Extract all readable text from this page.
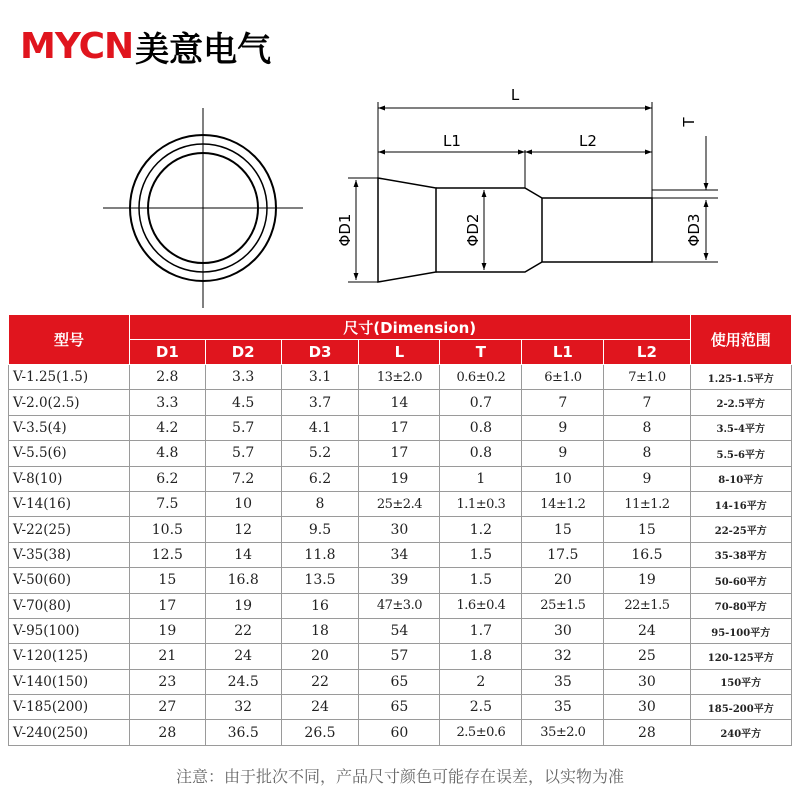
MYCN美意电气
L
L1	L2
T
ΦD1	ΦD2	ΦD3
型号	尺寸(Dimension)							使用范围
	D1	D2	D3	L	T	L1	L2	
V-1.25(1.5)	2.8	3.3	3.1	13±2.0	0.6±0.2	6±1.0	7±1.0	1.25-1.5平方
V-2.0(2.5)	3.3	4.5	3.7	14	0.7	7	7	2-2.5平方
V-3.5(4)	4.2	5.7	4.1	17	0.8	9	8	3.5-4平方
V-5.5(6)	4.8	5.7	5.2	17	0.8	9	8	5.5-6平方
V-8(10)	6.2	7.2	6.2	19	1	10	9	8-10平方
V-14(16)	7.5	10	8	25±2.4	1.1±0.3	14±1.2	11±1.2	14-16平方
V-22(25)	10.5	12	9.5	30	1.2	15	15	22-25平方
V-35(38)	12.5	14	11.8	34	1.5	17.5	16.5	35-38平方
V-50(60)	15	16.8	13.5	39	1.5	20	19	50-60平方
V-70(80)	17	19	16	47±3.0	1.6±0.4	25±1.5	22±1.5	70-80平方
V-95(100)	19	22	18	54	1.7	30	24	95-100平方
V-120(125)	21	24	20	57	1.8	32	25	120-125平方
V-140(150)	23	24.5	22	65	2	35	30	150平方
V-185(200)	27	32	24	65	2.5	35	30	185-200平方
V-240(250)	28	36.5	26.5	60	2.5±0.6	35±2.0	28	240平方
注意：由于批次不同，产品尺寸颜色可能存在误差，以实物为准
